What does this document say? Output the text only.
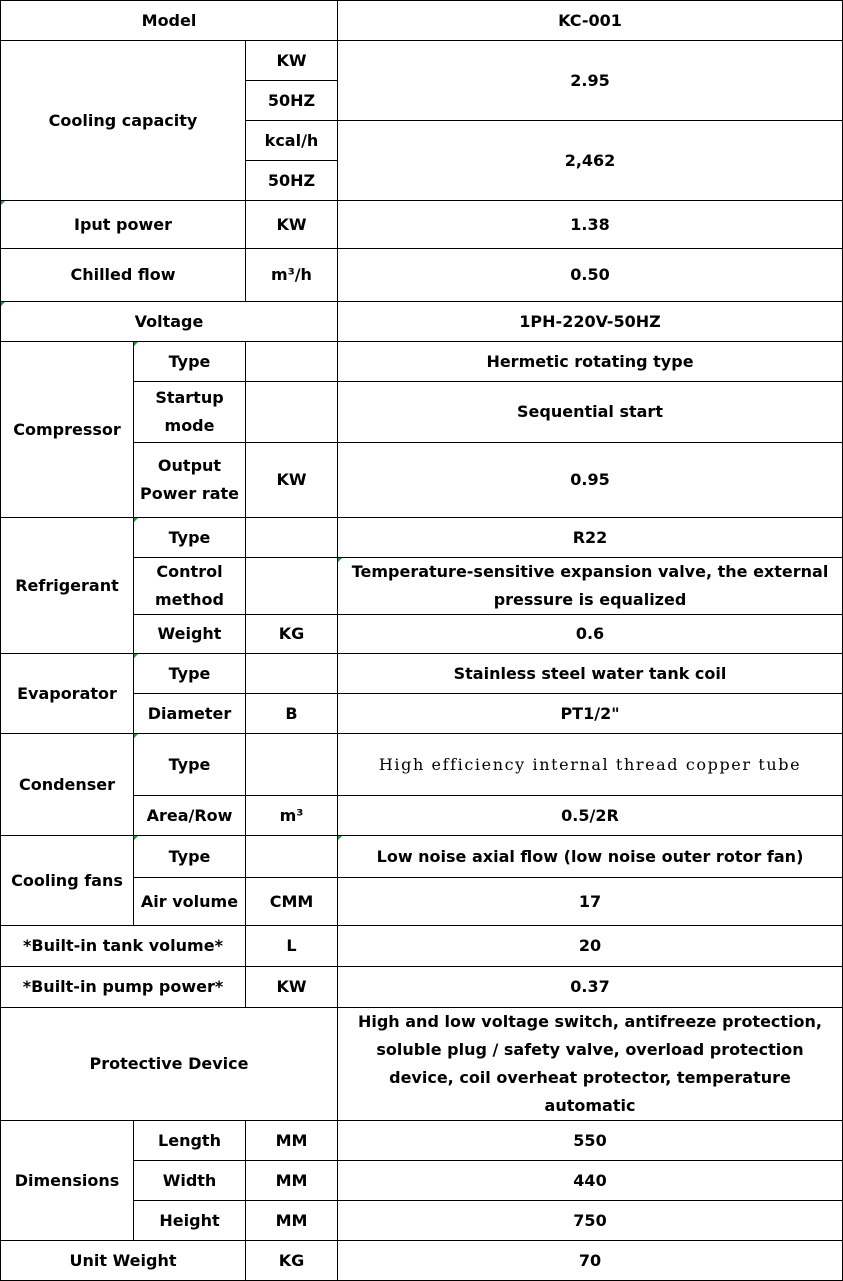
Model			KC-001
Cooling capacity		KW	2.95
		50HZ	
		kcal/h	2,462
		50HZ	
Iput power		KW	1.38
Chilled flow		m³/h	0.50
Voltage			1PH-220V-50HZ
Compressor	Type		Hermetic rotating type
	Startup mode		Sequential start
	Output Power rate	KW	0.95
Refrigerant	Type		R22
	Control method		Temperature-sensitive expansion valve, the external pressure is equalized
	Weight	KG	0.6
Evaporator	Type		Stainless steel water tank coil
	Diameter	B	PT1/2"
Condenser	Type		High efficiency internal thread copper tube
	Area/Row	m³	0.5/2R
Cooling fans	Type		Low noise axial flow (low noise outer rotor fan)
	Air volume	CMM	17
*Built-in tank volume*		L	20
*Built-in pump power*		KW	0.37
Protective Device			High and low voltage switch, antifreeze protection, soluble plug / safety valve, overload protection device, coil overheat protector, temperature automatic
Dimensions	Length	MM	550
	Width	MM	440
	Height	MM	750
Unit Weight		KG	70
